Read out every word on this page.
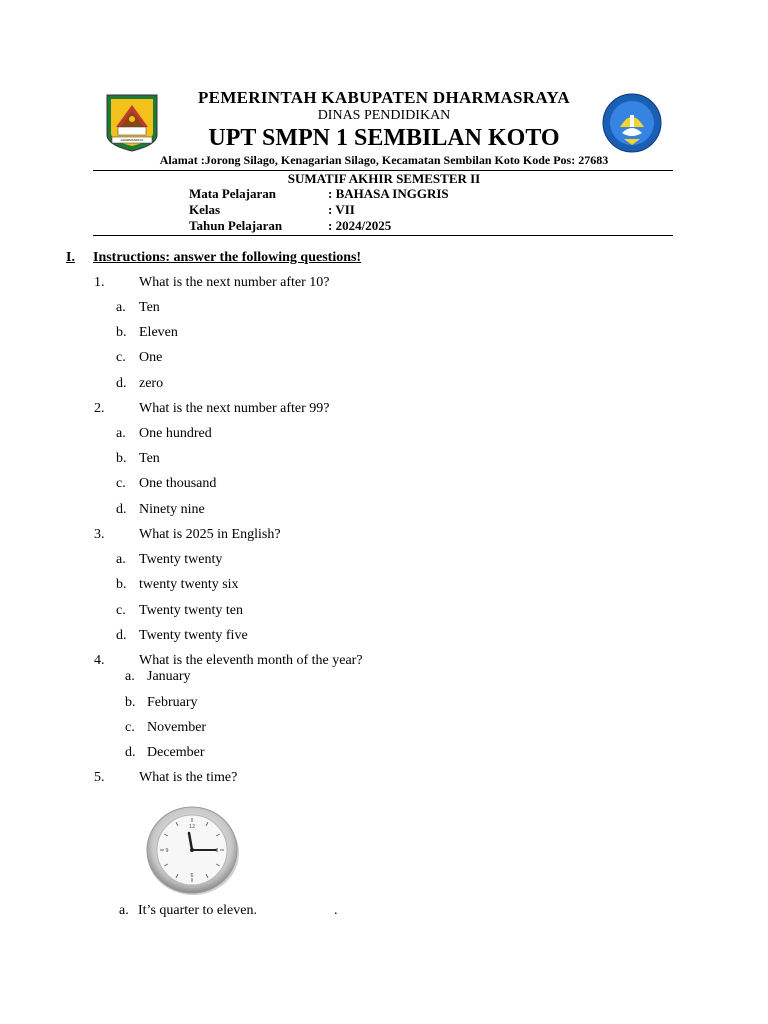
DHARMASRAYA
PEMERINTAH KABUPATEN DHARMASRAYA
DINAS PENDIDIKAN
UPT SMPN 1 SEMBILAN KOTO
Alamat :Jorong Silago, Kenagarian Silago, Kecamatan Sembilan Koto Kode Pos: 27683
SUMATIF AKHIR SEMESTER II
Mata Pelajaran	: BAHASA INGGRIS
Kelas	: VII
Tahun Pelajaran	: 2024/2025
I. Instructions: answer the following questions!
1. What is the next number after 10?
a. Ten
b. Eleven
c. One
d. zero
2. What is the next number after 99?
a. One hundred
b. Ten
c. One thousand
d. Ninety nine
3. What is 2025 in English?
a. Twenty twenty
b. twenty twenty six
c. Twenty twenty ten
d. Twenty twenty five
4. What is the eleventh month of the year?
a. January
b. February
c. November
d. December
5. What is the time?
12
3
6
9
a. It’s quarter to eleven.                      .
